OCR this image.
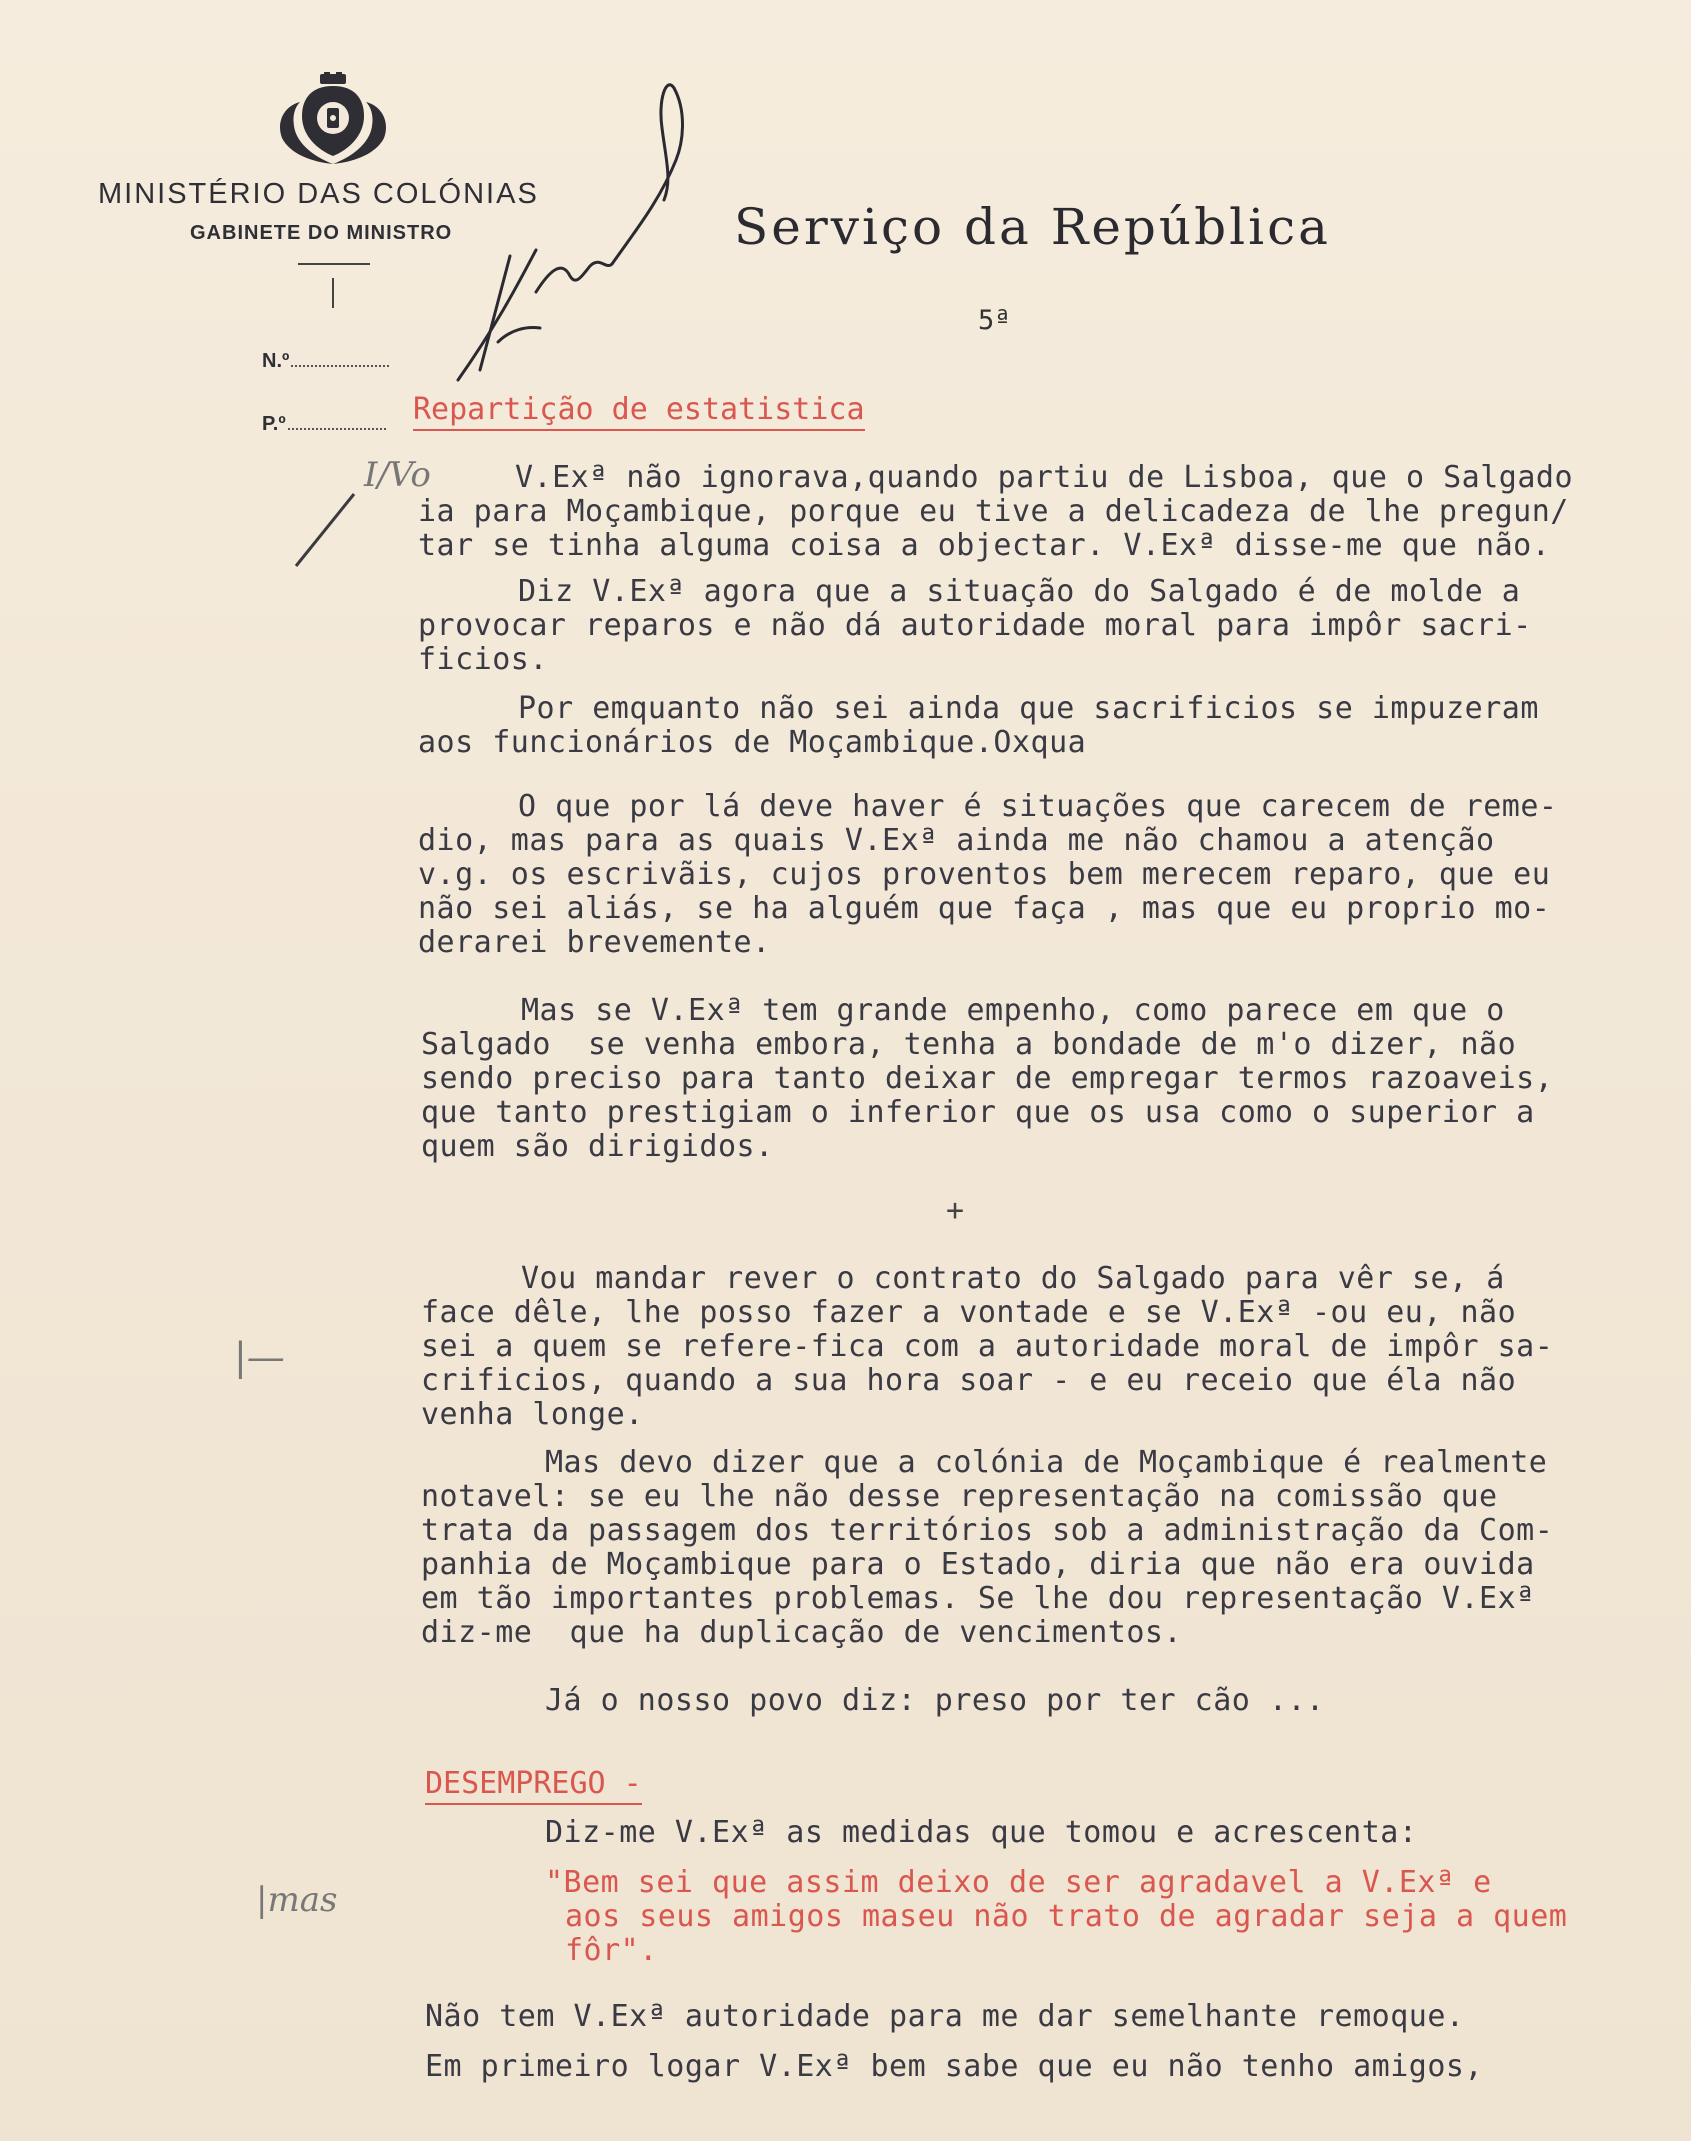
MINISTÉRIO DAS COLÓNIAS
GABINETE DO MINISTRO
N.º
P.º
Serviço da República
5ª
I/Vo
|—
|mas
Repartição de estatistica
V.Exª não ignorava,quando partiu de Lisboa, que o Salgado
ia para Moçambique, porque eu tive a delicadeza de lhe pregun/
tar se tinha alguma coisa a objectar. V.Exª disse-me que não.
Diz V.Exª agora que a situação do Salgado é de molde a
provocar reparos e não dá autoridade moral para impôr sacri-
ficios.
Por emquanto não sei ainda que sacrificios se impuzeram
aos funcionários de Moçambique.Oxqua
O que por lá deve haver é situações que carecem de reme-
dio, mas para as quais V.Exª ainda me não chamou a atenção
v.g. os escrivãis, cujos proventos bem merecem reparo, que eu
não sei aliás, se ha alguém que faça , mas que eu proprio mo-
derarei brevemente.
Mas se V.Exª tem grande empenho, como parece em que o
Salgado  se venha embora, tenha a bondade de m'o dizer, não
sendo preciso para tanto deixar de empregar termos razoaveis,
que tanto prestigiam o inferior que os usa como o superior a
quem são dirigidos.
+
Vou mandar rever o contrato do Salgado para vêr se, á
face dêle, lhe posso fazer a vontade e se V.Exª -ou eu, não
sei a quem se refere-fica com a autoridade moral de impôr sa-
crificios, quando a sua hora soar - e eu receio que éla não
venha longe.
Mas devo dizer que a colónia de Moçambique é realmente
notavel: se eu lhe não desse representação na comissão que
trata da passagem dos territórios sob a administração da Com-
panhia de Moçambique para o Estado, diria que não era ouvida
em tão importantes problemas. Se lhe dou representação V.Exª
diz-me  que ha duplicação de vencimentos.
Já o nosso povo diz: preso por ter cão ...
DESEMPREGO -
Diz-me V.Exª as medidas que tomou e acrescenta:
"Bem sei que assim deixo de ser agradavel a V.Exª e
aos seus amigos maseu não trato de agradar seja a quem
fôr".
Não tem V.Exª autoridade para me dar semelhante remoque.
Em primeiro logar V.Exª bem sabe que eu não tenho amigos,
